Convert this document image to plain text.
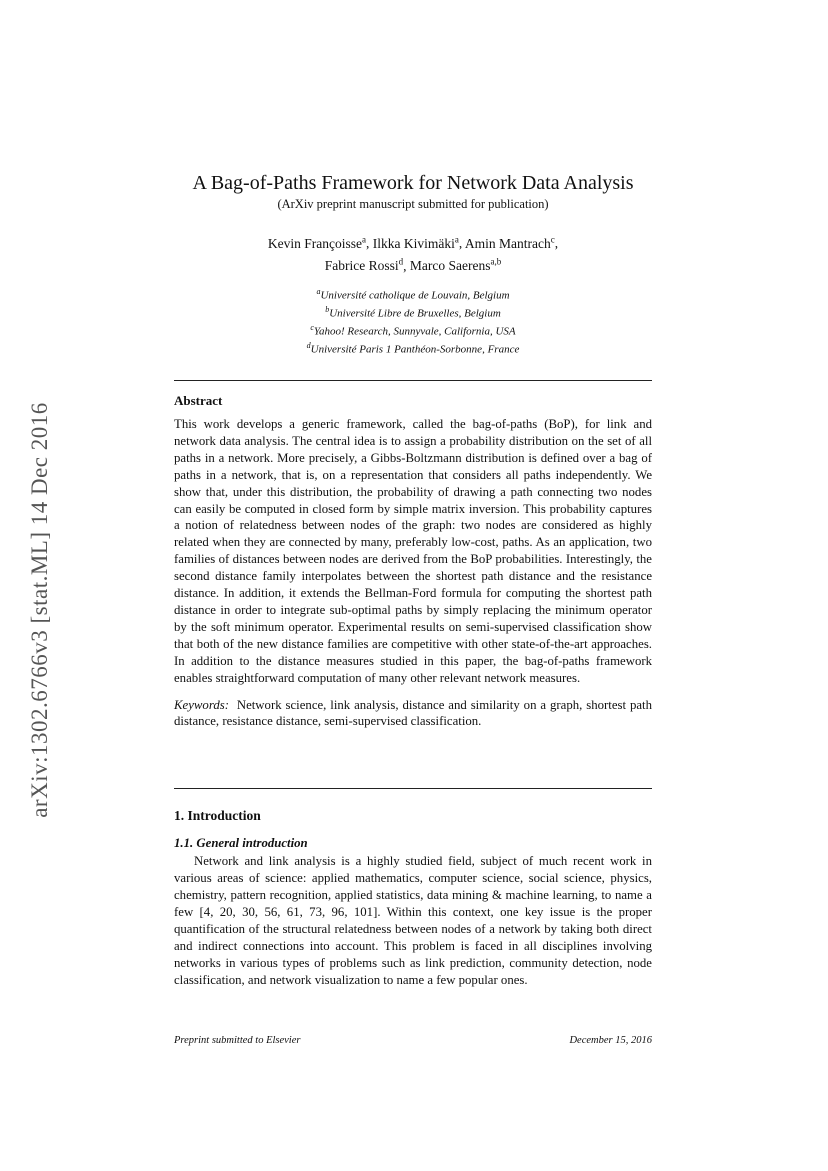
arXiv:1302.6766v3 [stat.ML] 14 Dec 2016
A Bag-of-Paths Framework for Network Data Analysis

(ArXiv preprint manuscript submitted for publication)

Kevin Françoisse$^a$, Ilkka Kivimäki$^a$, Amin Mantrach$^c$,
Fabrice Rossi$^d$, Marco Saerens$^{a,b}$
$^a$Université catholique de Louvain, Belgium
$^b$Université Libre de Bruxelles, Belgium
$^c$Yahoo! Research, Sunnyvale, California, USA
$^d$Université Paris 1 Panthéon-Sorbonne, France
Abstract

This work develops a generic framework, called the bag-of-paths (BoP), for link and network data analysis. The central idea is to assign a probability distribution on the set of all paths in a network. More precisely, a Gibbs-Boltzmann distribution is defined over a bag of paths in a network, that is, on a representation that considers all paths independently. We show that, under this distribution, the probability of drawing a path connecting two nodes can easily be computed in closed form by simple matrix inversion. This probability captures a notion of relatedness between nodes of the graph: two nodes are considered as highly related when they are connected by many, preferably low-cost, paths. As an application, two families of distances between nodes are derived from the BoP probabilities. Interestingly, the second distance family interpolates between the shortest path distance and the resistance distance. In addition, it extends the Bellman-Ford formula for computing the shortest path distance in order to integrate sub-optimal paths by simply replacing the minimum operator by the soft minimum operator. Experimental results on semi-supervised classification show that both of the new distance families are competitive with other state-of-the-art approaches. In addition to the distance measures studied in this paper, the bag-of-paths framework enables straightforward computation of many other relevant network measures.

Keywords: Network science, link analysis, distance and similarity on a graph, shortest path distance, resistance distance, semi-supervised classification.

1. Introduction
1.1. General introduction

Network and link analysis is a highly studied field, subject of much recent work in various areas of science: applied mathematics, computer science, social science, physics, chemistry, pattern recognition, applied statistics, data mining & machine learning, to name a few [4, 20, 30, 56, 61, 73, 96, 101]. Within this context, one key issue is the proper quantification of the structural relatedness between nodes of a network by taking both direct and indirect connections into account. This problem is faced in all disciplines involving networks in various types of problems such as link prediction, community detection, node classification, and network visualization to name a few popular ones.

Preprint submitted to Elsevier	December 15, 2016
